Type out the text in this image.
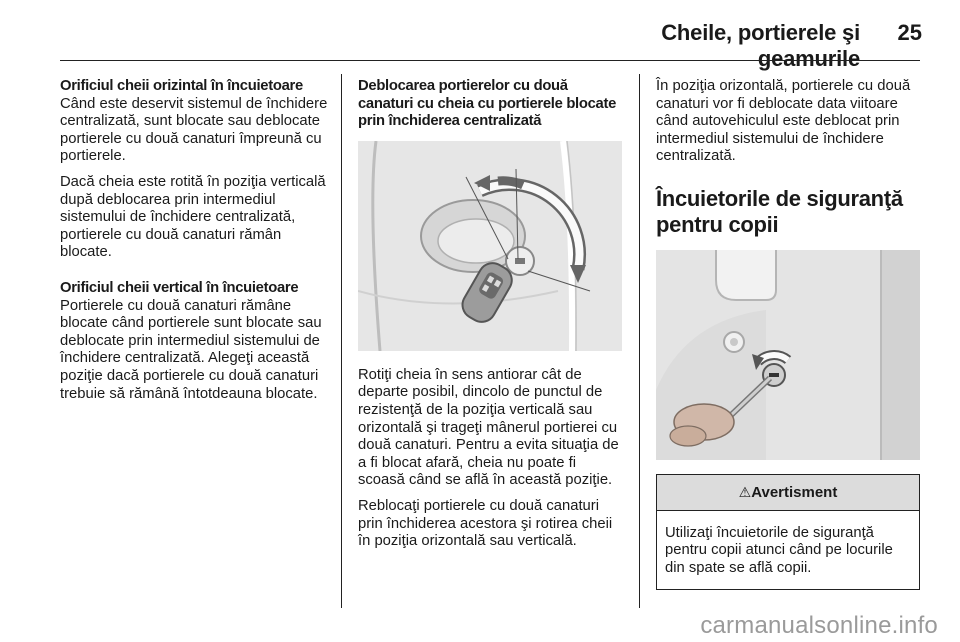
Cheile, portierele şi geamurile
25
Orificiul cheii orizintal în încuietoare

Când este deservit sistemul de închidere centralizată, sunt blocate sau deblocate portierele cu două canaturi împreună cu portierele.

Dacă cheia este rotită în poziţia verticală după deblocarea prin intermediul sistemului de închidere centralizată, portierele cu două canaturi rămân blocate.

Orificiul cheii vertical în încuietoare

Portierele cu două canaturi rămâne blocate când portierele sunt blocate sau deblocate prin intermediul sistemului de închidere centralizată. Alegeţi această poziţie dacă portierele cu două canaturi trebuie să rămână întotdeauna blocate.

Deblocarea portierelor cu două canaturi cu cheia cu portierele blocate prin închiderea centralizată

Rotiţi cheia în sens antiorar cât de departe posibil, dincolo de punctul de rezistenţă de la poziţia verticală sau orizontală şi trageţi mânerul portierei cu două canaturi. Pentru a evita situaţia de a fi blocat afară, cheia nu poate fi scoasă când se află în această poziţie.

Reblocaţi portierele cu două canaturi prin închiderea acestora şi rotirea cheii în poziţia orizontală sau verticală.

În poziţia orizontală, portierele cu două canaturi vor fi deblocate data viitoare când autovehiculul este deblocat prin intermediul sistemului de închidere centralizată.

Încuietorile de siguranţă pentru copii
⚠Avertisment
Utilizaţi încuietorile de siguranţă pentru copii atunci când pe locurile din spate se află copii.
carmanualsonline.info
